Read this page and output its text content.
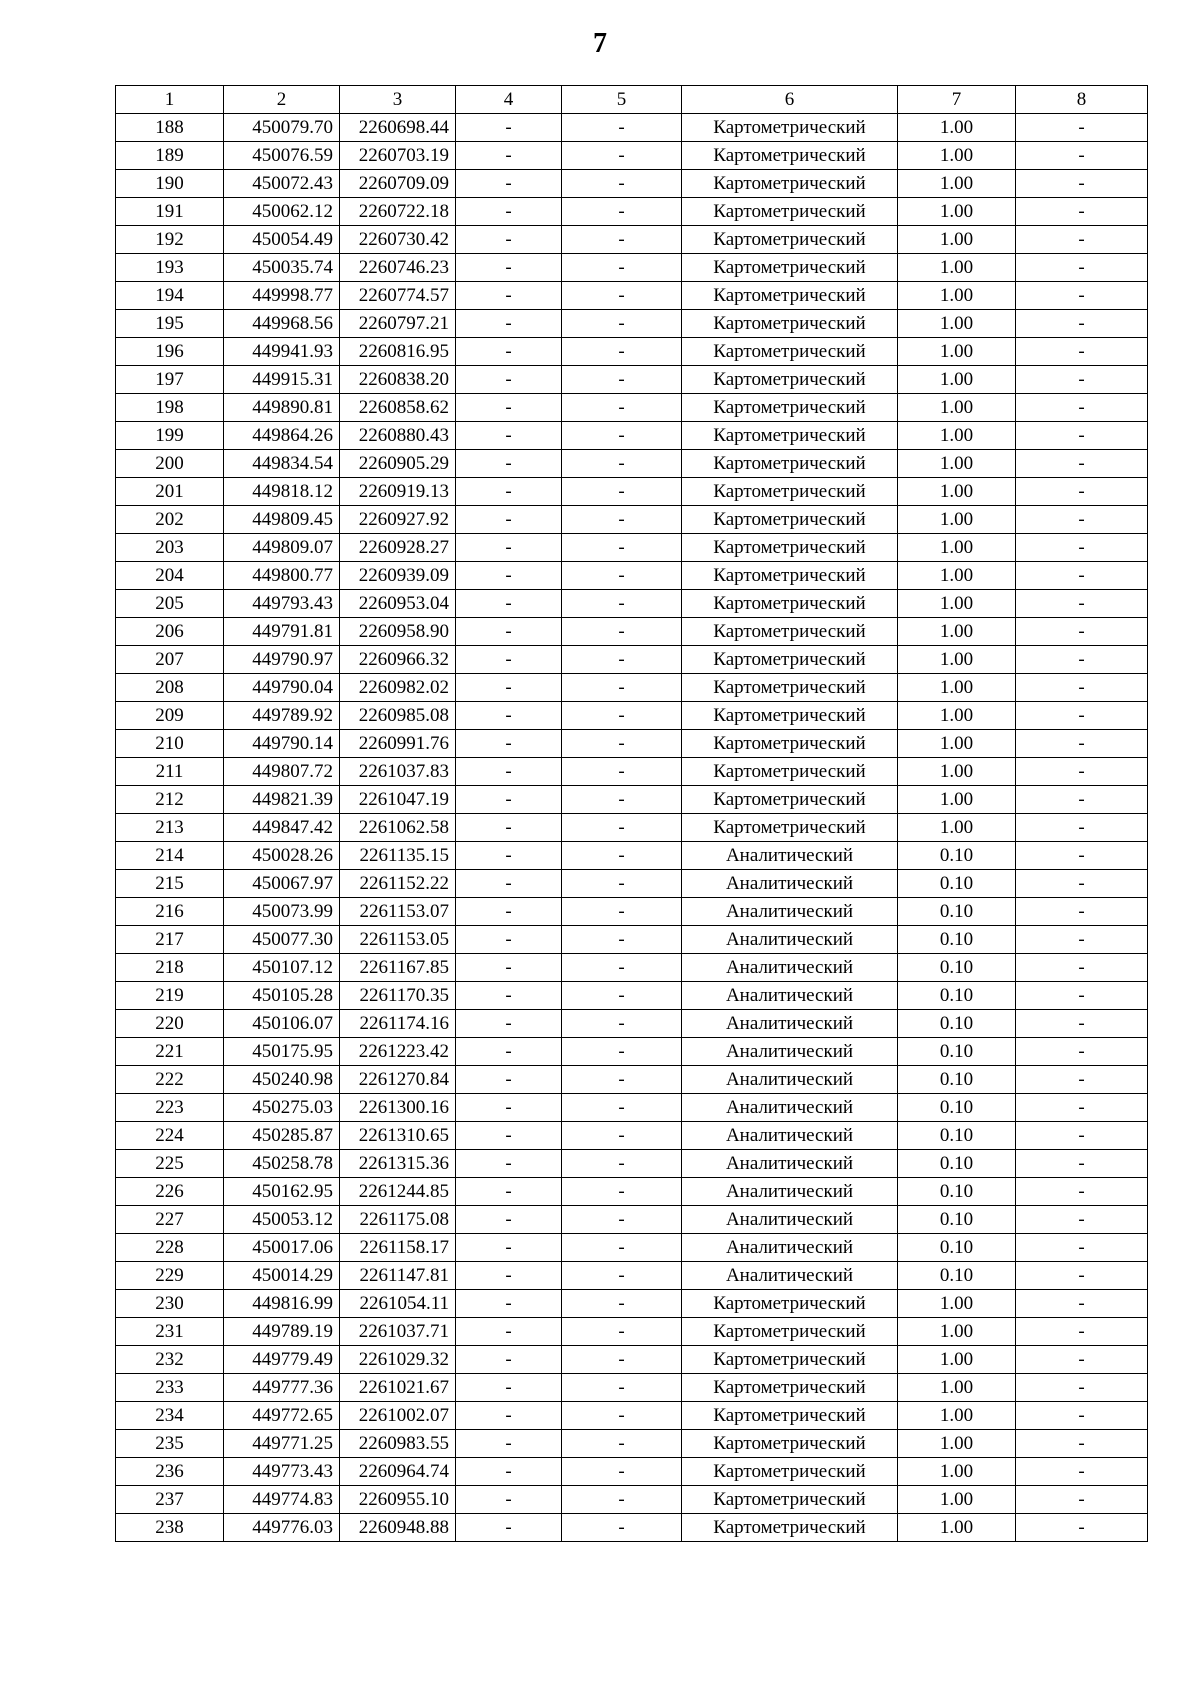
7
1	2	3	4	5	6	7	8
188	450079.70	2260698.44	-	-	Картометрический	1.00	-
189	450076.59	2260703.19	-	-	Картометрический	1.00	-
190	450072.43	2260709.09	-	-	Картометрический	1.00	-
191	450062.12	2260722.18	-	-	Картометрический	1.00	-
192	450054.49	2260730.42	-	-	Картометрический	1.00	-
193	450035.74	2260746.23	-	-	Картометрический	1.00	-
194	449998.77	2260774.57	-	-	Картометрический	1.00	-
195	449968.56	2260797.21	-	-	Картометрический	1.00	-
196	449941.93	2260816.95	-	-	Картометрический	1.00	-
197	449915.31	2260838.20	-	-	Картометрический	1.00	-
198	449890.81	2260858.62	-	-	Картометрический	1.00	-
199	449864.26	2260880.43	-	-	Картометрический	1.00	-
200	449834.54	2260905.29	-	-	Картометрический	1.00	-
201	449818.12	2260919.13	-	-	Картометрический	1.00	-
202	449809.45	2260927.92	-	-	Картометрический	1.00	-
203	449809.07	2260928.27	-	-	Картометрический	1.00	-
204	449800.77	2260939.09	-	-	Картометрический	1.00	-
205	449793.43	2260953.04	-	-	Картометрический	1.00	-
206	449791.81	2260958.90	-	-	Картометрический	1.00	-
207	449790.97	2260966.32	-	-	Картометрический	1.00	-
208	449790.04	2260982.02	-	-	Картометрический	1.00	-
209	449789.92	2260985.08	-	-	Картометрический	1.00	-
210	449790.14	2260991.76	-	-	Картометрический	1.00	-
211	449807.72	2261037.83	-	-	Картометрический	1.00	-
212	449821.39	2261047.19	-	-	Картометрический	1.00	-
213	449847.42	2261062.58	-	-	Картометрический	1.00	-
214	450028.26	2261135.15	-	-	Аналитический	0.10	-
215	450067.97	2261152.22	-	-	Аналитический	0.10	-
216	450073.99	2261153.07	-	-	Аналитический	0.10	-
217	450077.30	2261153.05	-	-	Аналитический	0.10	-
218	450107.12	2261167.85	-	-	Аналитический	0.10	-
219	450105.28	2261170.35	-	-	Аналитический	0.10	-
220	450106.07	2261174.16	-	-	Аналитический	0.10	-
221	450175.95	2261223.42	-	-	Аналитический	0.10	-
222	450240.98	2261270.84	-	-	Аналитический	0.10	-
223	450275.03	2261300.16	-	-	Аналитический	0.10	-
224	450285.87	2261310.65	-	-	Аналитический	0.10	-
225	450258.78	2261315.36	-	-	Аналитический	0.10	-
226	450162.95	2261244.85	-	-	Аналитический	0.10	-
227	450053.12	2261175.08	-	-	Аналитический	0.10	-
228	450017.06	2261158.17	-	-	Аналитический	0.10	-
229	450014.29	2261147.81	-	-	Аналитический	0.10	-
230	449816.99	2261054.11	-	-	Картометрический	1.00	-
231	449789.19	2261037.71	-	-	Картометрический	1.00	-
232	449779.49	2261029.32	-	-	Картометрический	1.00	-
233	449777.36	2261021.67	-	-	Картометрический	1.00	-
234	449772.65	2261002.07	-	-	Картометрический	1.00	-
235	449771.25	2260983.55	-	-	Картометрический	1.00	-
236	449773.43	2260964.74	-	-	Картометрический	1.00	-
237	449774.83	2260955.10	-	-	Картометрический	1.00	-
238	449776.03	2260948.88	-	-	Картометрический	1.00	-
